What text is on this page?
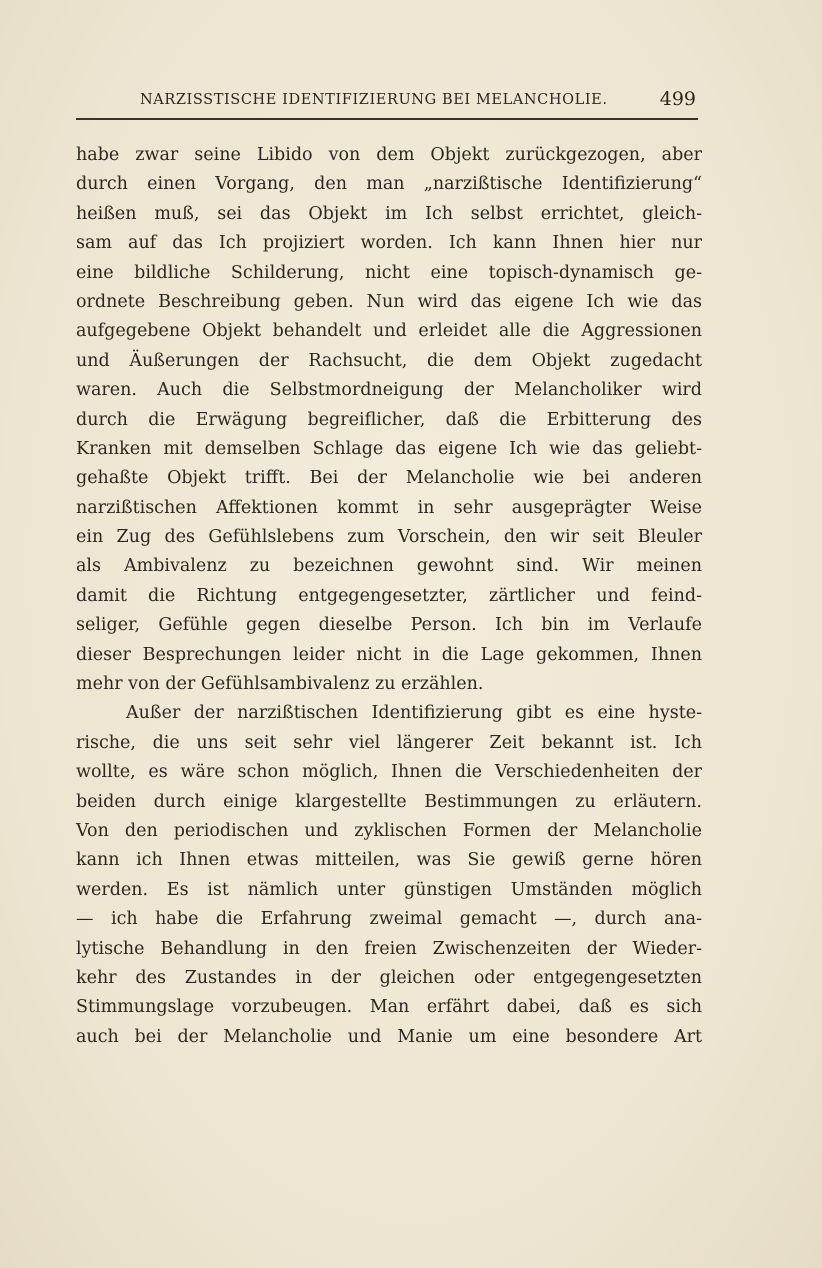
NARZISSTISCHE IDENTIFIZIERUNG BEI MELANCHOLIE.	499
habe zwar seine Libido von dem Objekt zurückgezogen, aber
durch einen Vorgang, den man „narzißtische Identifizierung“
heißen muß, sei das Objekt im Ich selbst errichtet, gleich-
sam auf das Ich projiziert worden. Ich kann Ihnen hier nur
eine bildliche Schilderung, nicht eine topisch-dynamisch ge-
ordnete Beschreibung geben. Nun wird das eigene Ich wie das
aufgegebene Objekt behandelt und erleidet alle die Aggressionen
und Äußerungen der Rachsucht, die dem Objekt zugedacht
waren. Auch die Selbstmordneigung der Melancholiker wird
durch die Erwägung begreiflicher, daß die Erbitterung des
Kranken mit demselben Schlage das eigene Ich wie das geliebt-
gehaßte Objekt trifft. Bei der Melancholie wie bei anderen
narzißtischen Affektionen kommt in sehr ausgeprägter Weise
ein Zug des Gefühlslebens zum Vorschein, den wir seit Bleuler
als Ambivalenz zu bezeichnen gewohnt sind. Wir meinen
damit die Richtung entgegengesetzter, zärtlicher und feind-
seliger, Gefühle gegen dieselbe Person. Ich bin im Verlaufe
dieser Besprechungen leider nicht in die Lage gekommen, Ihnen
mehr von der Gefühlsambivalenz zu erzählen.
Außer der narzißtischen Identifizierung gibt es eine hyste-
rische, die uns seit sehr viel längerer Zeit bekannt ist. Ich
wollte, es wäre schon möglich, Ihnen die Verschiedenheiten der
beiden durch einige klargestellte Bestimmungen zu erläutern.
Von den periodischen und zyklischen Formen der Melancholie
kann ich Ihnen etwas mitteilen, was Sie gewiß gerne hören
werden. Es ist nämlich unter günstigen Umständen möglich
— ich habe die Erfahrung zweimal gemacht —, durch ana-
lytische Behandlung in den freien Zwischenzeiten der Wieder-
kehr des Zustandes in der gleichen oder entgegengesetzten
Stimmungslage vorzubeugen. Man erfährt dabei, daß es sich
auch bei der Melancholie und Manie um eine besondere Art
